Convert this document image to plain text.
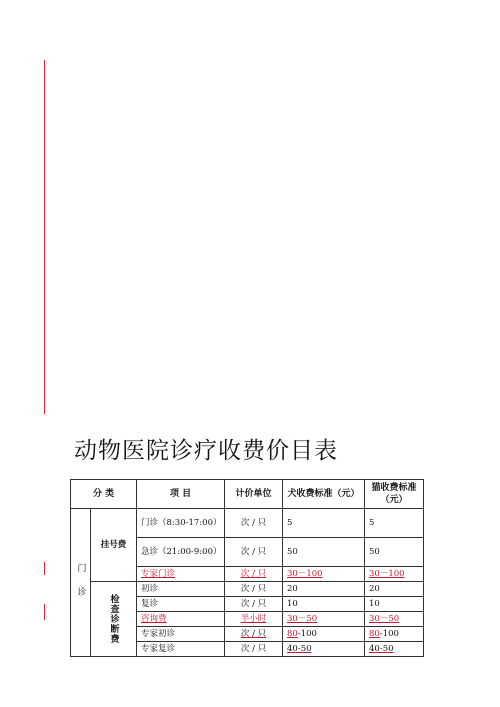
动物医院诊疗收费价目表
分 类		项 目	计价单位	犬收费标准（元）	猫收费标准（元）
门 诊	挂号费	门诊（8:30-17:00）	次 / 只	5	5
		急诊（21:00-9:00）	次 / 只	50	50
		专家门诊	次 / 只	30－100	30－100
	检查诊断费	初诊	次 / 只	20	20
		复诊	次 / 只	10	10
		咨询费	半小时	30－50	30－50
		专家初诊	次 / 只	80-100	80-100
		专家复诊	次 / 只	40-50	40-50
